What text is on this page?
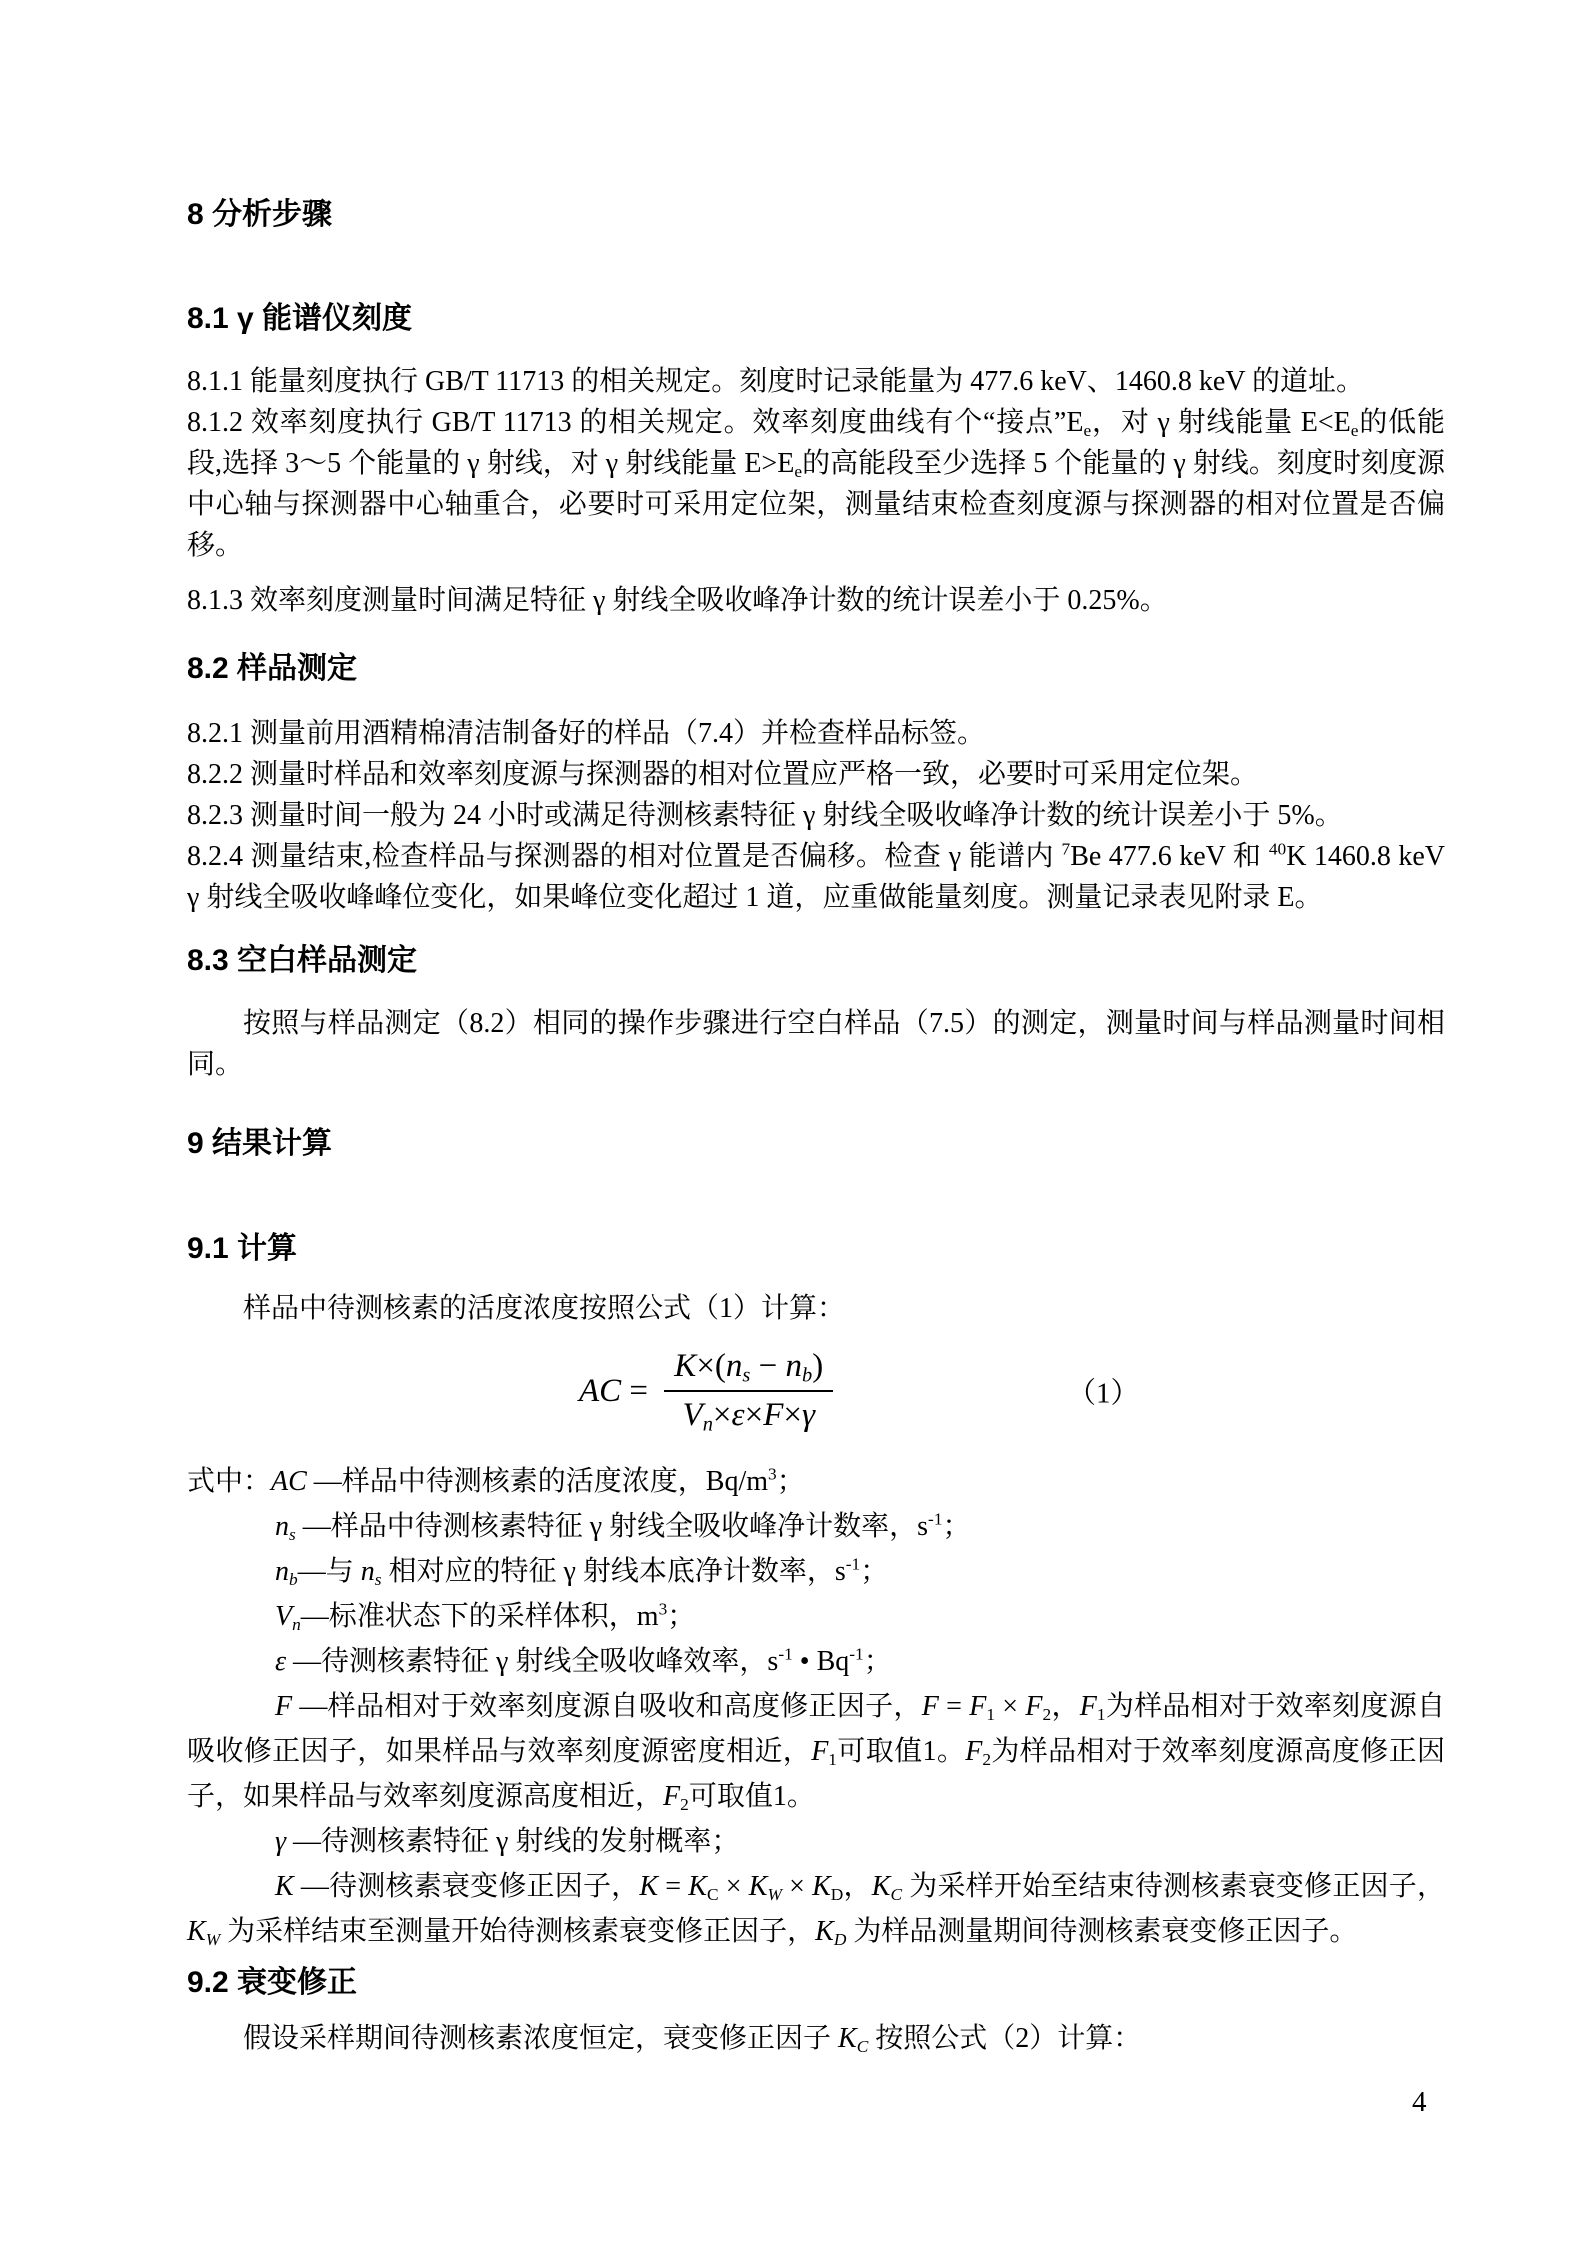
8 分析步骤
8.1 γ 能谱仪刻度

8.1.1 能量刻度执行 GB/T 11713 的相关规定。刻度时记录能量为 477.6 keV、1460.8 keV 的道址。

8.1.2 效率刻度执行 GB/T 11713 的相关规定。效率刻度曲线有个“接点$”E_e$，对 γ 射线能量 $E<E_e$的低能段,选择 3～5 个能量的 γ 射线，对 γ 射线能量 $E>E_e$的高能段至少选择 5 个能量的 γ 射线。刻度时刻度源中心轴与探测器中心轴重合，必要时可采用定位架，测量结束检查刻度源与探测器的相对位置是否偏移。

8.1.3 效率刻度测量时间满足特征 γ 射线全吸收峰净计数的统计误差小于 0.25%。

8.2 样品测定

8.2.1 测量前用酒精棉清洁制备好的样品（7.4）并检查样品标签。

8.2.2 测量时样品和效率刻度源与探测器的相对位置应严格一致，必要时可采用定位架。

8.2.3 测量时间一般为 24 小时或满足待测核素特征 γ 射线全吸收峰净计数的统计误差小于 5%。

8.2.4 测量结束,检查样品与探测器的相对位置是否偏移。检查 γ 能谱内 $^7$Be 477.6 keV 和 $^{40}$K 1460.8 keV γ 射线全吸收峰峰位变化，如果峰位变化超过 1 道，应重做能量刻度。测量记录表见附录 E。

8.3 空白样品测定

按照与样品测定（8.2）相同的操作步骤进行空白样品（7.5）的测定，测量时间与样品测量时间相同。

9 结果计算
9.1 计算

样品中待测核素的活度浓度按照公式（1）计算：

AC = $\frac{K\times(n_s - n_b)}{V_n\times\varepsilon\times F\times\gamma}$	（1）

式中：AC —样品中待测核素的活度浓度，$Bq/m^3$；

$n_s$ —样品中待测核素特征 γ 射线全吸收峰净计数率，$s^{-1}$；

$n_b—$与 $n_s$ 相对应的特征 γ 射线本底净计数率，$s^{-1}$；

$V_n—$标准状态下的采样体积，$m^3$；

ε —待测核素特征 γ 射线全吸收峰效率，$s^{-1}$ • $Bq^{-1}$；

F —样品相对于效率刻度源自吸收和高度修正因子，$F = F_1 \times F_2$，$F_1$为样品相对于效率刻度源自吸收修正因子，如果样品与效率刻度源密度相近，$F_1$可取值1。$F_2$为样品相对于效率刻度源高度修正因子，如果样品与效率刻度源高度相近，$F_2$可取值1。

γ —待测核素特征 γ 射线的发射概率；

K —待测核素衰变修正因子，$K = K_C \times K_W \times K_D$，$K_C$ 为采样开始至结束待测核素衰变修正因子，$K_W$ 为采样结束至测量开始待测核素衰变修正因子，$K_D$ 为样品测量期间待测核素衰变修正因子。

9.2 衰变修正

假设采样期间待测核素浓度恒定，衰变修正因子 $K_C$ 按照公式（2）计算：

4
